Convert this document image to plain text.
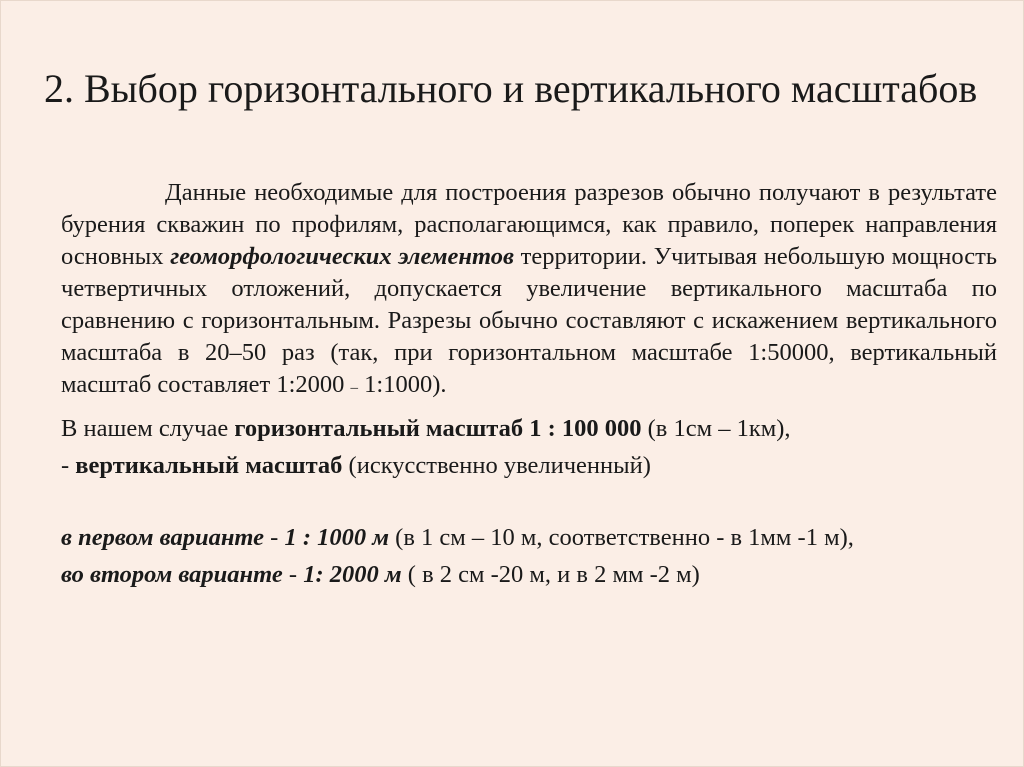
2. Выбор горизонтального и вертикального масштабов

Данные необходимые для построения разрезов обычно получают в результате бурения скважин по профилям, располагающимся, как правило, поперек направления основных геоморфологических элементов территории. Учитывая небольшую мощность четвертичных отложений, допускается увеличение вертикального масштаба по сравнению с горизонтальным. Разрезы обычно составляют с искажением вертикального масштаба в 20–50 раз (так, при горизонтальном масштабе 1:50000, вертикальный масштаб составляет 1:2000 – 1:1000).

В нашем случае горизонтальный масштаб 1 : 100 000 (в 1см – 1км),

- вертикальный масштаб (искусственно увеличенный)

в первом варианте - 1 : 1000 м (в 1 см – 10 м, соответственно - в 1мм -1 м),

во втором варианте - 1: 2000 м ( в 2 см -20 м, и в 2 мм -2 м)
